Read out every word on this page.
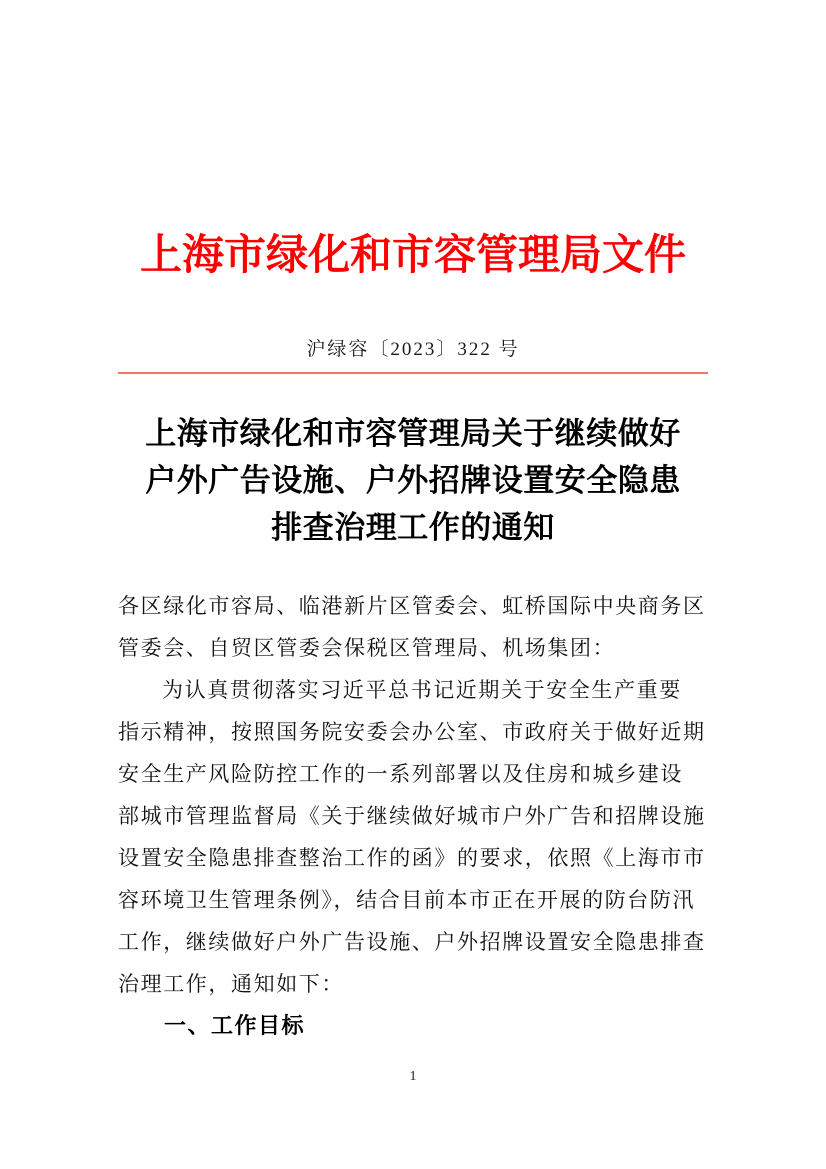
上海市绿化和市容管理局文件
沪绿容〔2023〕322 号
上海市绿化和市容管理局关于继续做好
户外广告设施、户外招牌设置安全隐患
排查治理工作的通知
各区绿化市容局、临港新片区管委会、虹桥国际中央商务区
管委会、自贸区管委会保税区管理局、机场集团：
为认真贯彻落实习近平总书记近期关于安全生产重要
指示精神，按照国务院安委会办公室、市政府关于做好近期
安全生产风险防控工作的一系列部署以及住房和城乡建设
部城市管理监督局《关于继续做好城市户外广告和招牌设施
设置安全隐患排查整治工作的函》的要求，依照《上海市市
容环境卫生管理条例》，结合目前本市正在开展的防台防汛
工作，继续做好户外广告设施、户外招牌设置安全隐患排查
治理工作，通知如下：
一、工作目标
1
